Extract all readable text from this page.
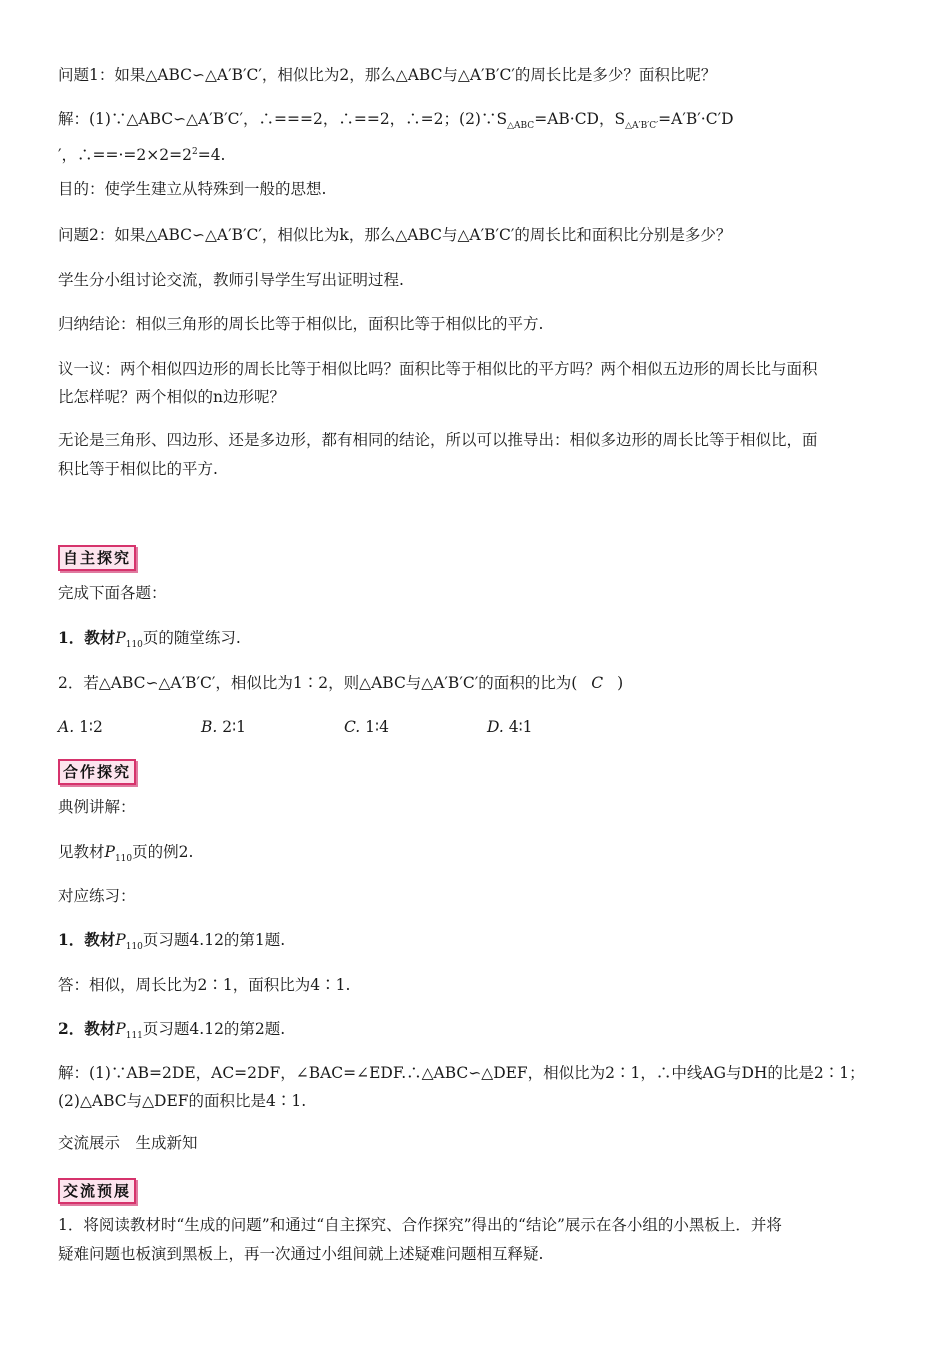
问题1：如果△ABC∽△A′B′C′，相似比为2，那么△ABC与△A′B′C′的周长比是多少？面积比呢？

解：(1)∵△ABC∽△A′B′C′，∴===2，∴==2，∴=2；$(2)\because S_{\triangle ABC}=AB\cdot CD$，$S_{\triangle A'B'C'}=A'B'\cdot C'D$

′，$\therefore==\cdot=2\times 2=2^2=4$.

目的：使学生建立从特殊到一般的思想.

问题2：如果△ABC∽△A′B′C′，相似比为k，那么△ABC与△A′B′C′的周长比和面积比分别是多少？

学生分小组讨论交流，教师引导学生写出证明过程.

归纳结论：相似三角形的周长比等于相似比，面积比等于相似比的平方.

议一议：两个相似四边形的周长比等于相似比吗？面积比等于相似比的平方吗？两个相似五边形的周长比与面积

比怎样呢？两个相似的n边形呢？

无论是三角形、四边形、还是多边形，都有相同的结论，所以可以推导出：相似多边形的周长比等于相似比，面

积比等于相似比的平方.

自主探究

完成下面各题：

1．教材$P_{110}$页的随堂练习.

2．若△ABC∽△A′B′C′，相似比为1∶2，则△ABC与△A′B′C′的面积的比为( C )

A. 1∶2	B. 2∶1	C. 1∶4	D. 4∶1

合作探究

典例讲解：

见教材$P_{110}$页的例2.

对应练习：

1．教材$P_{110}$页习题4.12的第1题.

答：相似，周长比为2∶1，面积比为4∶1.

2．教材$P_{111}$页习题4.12的第2题.

解：(1)∵AB=2DE，AC=2DF，∠BAC=∠EDF.∴△ABC∽△DEF，相似比为2∶1，∴中线AG与DH的比是2∶1；

(2)△ABC与△DEF的面积比是4∶1.

交流展示　生成新知

交流预展

1．将阅读教材时“生成的问题”和通过“自主探究、合作探究”得出的“结论”展示在各小组的小黑板上．并将

疑难问题也板演到黑板上，再一次通过小组间就上述疑难问题相互释疑.
